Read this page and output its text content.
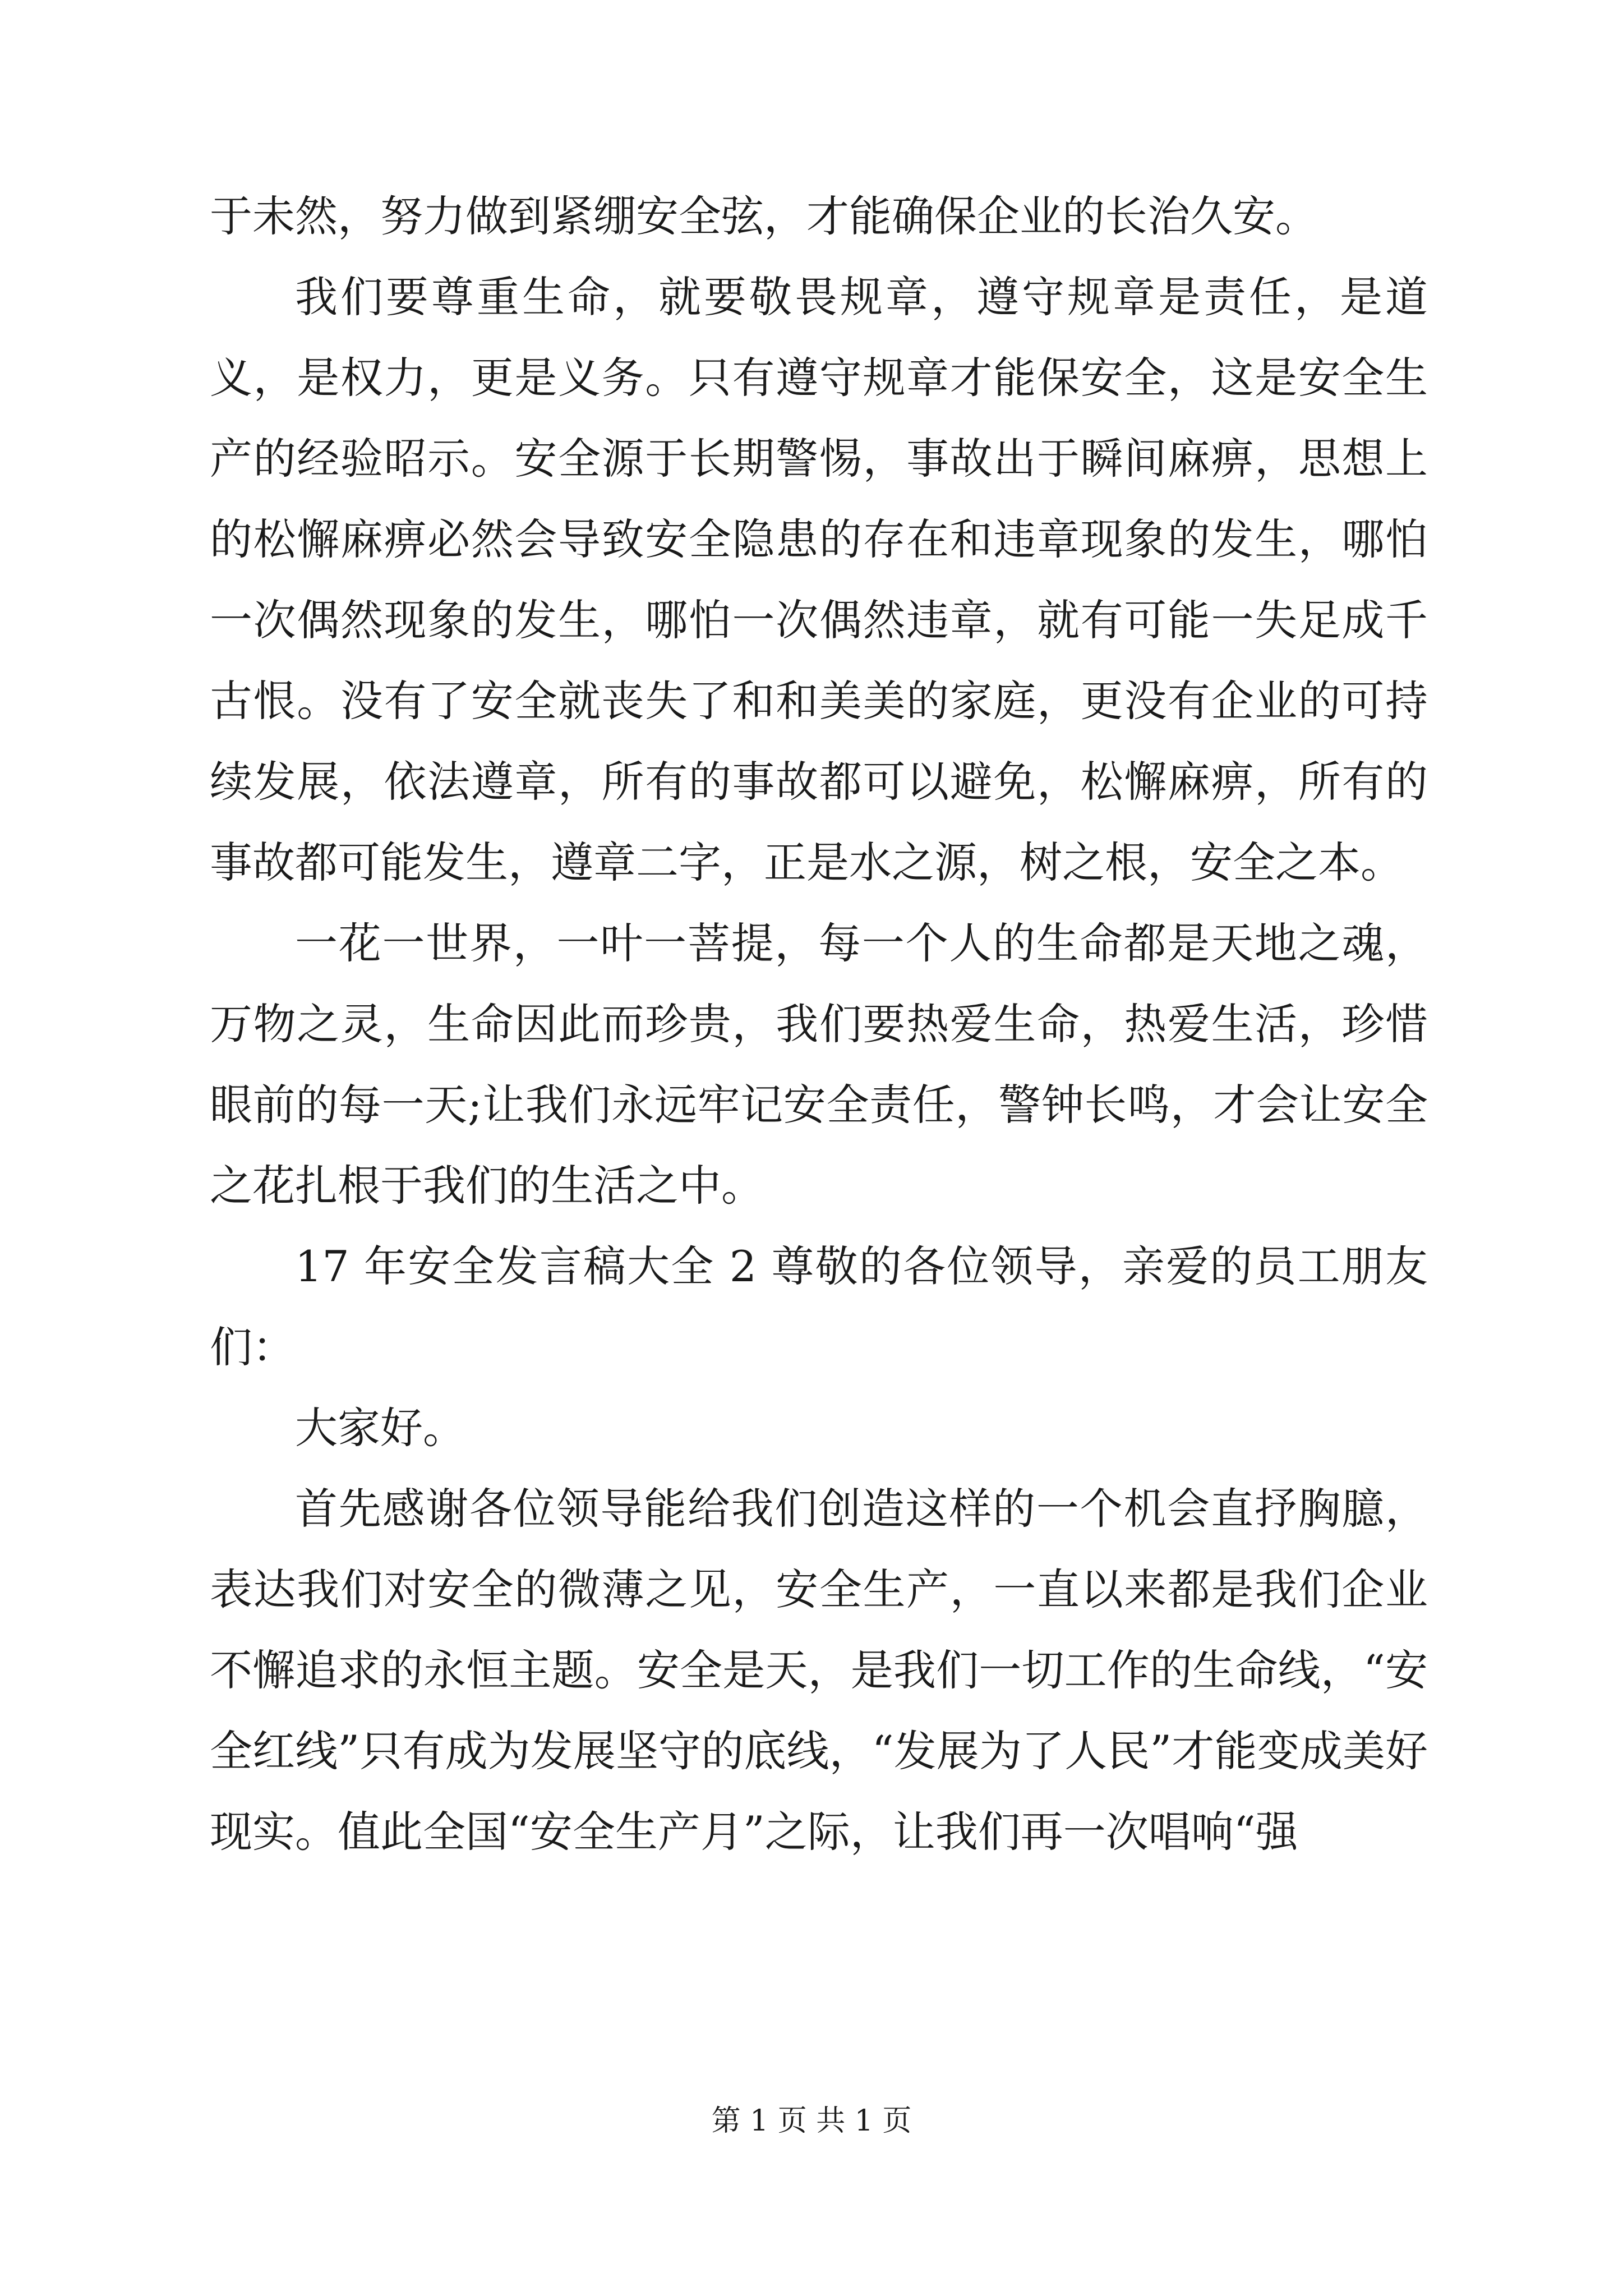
于未然，努力做到紧绷安全弦，才能确保企业的长治久安。

我们要尊重生命，就要敬畏规章，遵守规章是责任，是道义，是权力，更是义务。只有遵守规章才能保安全，这是安全生产的经验昭示。安全源于长期警惕，事故出于瞬间麻痹，思想上的松懈麻痹必然会导致安全隐患的存在和违章现象的发生，哪怕一次偶然现象的发生，哪怕一次偶然违章，就有可能一失足成千古恨。没有了安全就丧失了和和美美的家庭，更没有企业的可持续发展，依法遵章，所有的事故都可以避免，松懈麻痹，所有的事故都可能发生，遵章二字，正是水之源，树之根，安全之本。

一花一世界，一叶一菩提，每一个人的生命都是天地之魂，万物之灵，生命因此而珍贵，我们要热爱生命，热爱生活，珍惜眼前的每一天;让我们永远牢记安全责任，警钟长鸣，才会让安全之花扎根于我们的生活之中。

17 年安全发言稿大全 2 尊敬的各位领导，亲爱的员工朋友们：

大家好。

首先感谢各位领导能给我们创造这样的一个机会直抒胸臆，表达我们对安全的微薄之见，安全生产，一直以来都是我们企业不懈追求的永恒主题。安全是天，是我们一切工作的生命线，“安全红线”只有成为发展坚守的底线，“发展为了人民”才能变成美好现实。值此全国“安全生产月”之际，让我们再一次唱响“强

第 1 页 共 1 页
